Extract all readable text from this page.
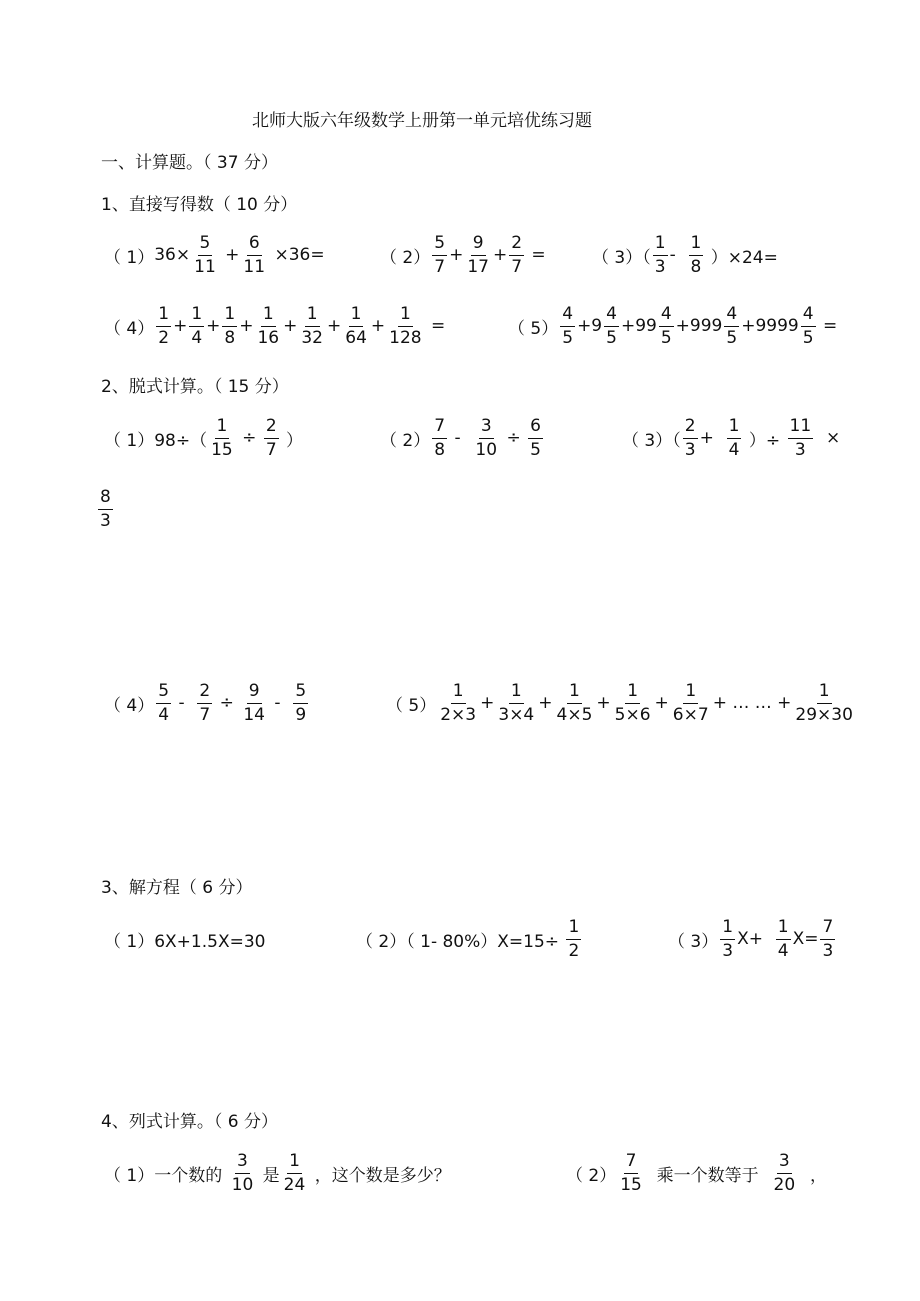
北师大版六年级数学上册第一单元培优练习题
一、计算题。（ 37 分）
1、直接写得数（ 10 分）
（ 1） $36\times \frac{5}{11} + \frac{6}{11} \times 36=$	（ $2) \frac{5}{7} + \frac{9}{17} + \frac{2}{7}$ =	（ $3)( \frac{1}{3} - \frac{1}{8} )\times 24=$
（ $4) \frac{1}{2} + \frac{1}{4} + \frac{1}{8} + \frac{1}{16} + \frac{1}{32} + \frac{1}{64} + \frac{1}{128}$ =	（ $5) \frac{4}{5} +9 \frac{4}{5} +99 \frac{4}{5} +999 \frac{4}{5} +9999 \frac{4}{5}$ =
2、脱式计算。（ 15 分）
（ $1)98\div( \frac{1}{15} \div \frac{2}{7}$ ）	（ $2) \frac{7}{8} - \frac{3}{10} \div \frac{6}{5}$	（ $3)( \frac{2}{3} + \frac{1}{4}$ ）÷ $\frac{11}{3}$ ×
$\frac{8}{3}$
（ $4) \frac{5}{4} - \frac{2}{7} \div \frac{9}{14} - \frac{5}{9}$	（ $5) \frac{1}{2\times 3} + \frac{1}{3\times 4} + \frac{1}{4\times 5} + \frac{1}{5\times 6} + \frac{1}{6\times 7}$ + … … + $\frac{1}{29\times 30}$
3、解方程（ 6 分）
（ 1）6X+1.5X=30	（ 2）（ 1- $80\%)X=15\div \frac{1}{2}$	（ $3) \frac{1}{3} X+ \frac{1}{4} X= \frac{7}{3}$
4、列式计算。（ 6 分）
（ 1）一个数的 $\frac{3}{10}$ 是 $\frac{1}{24}$ ，这个数是多少？	（ $2) \frac{7}{15}$ 乘一个数等于 $\frac{3}{20}$ ，
